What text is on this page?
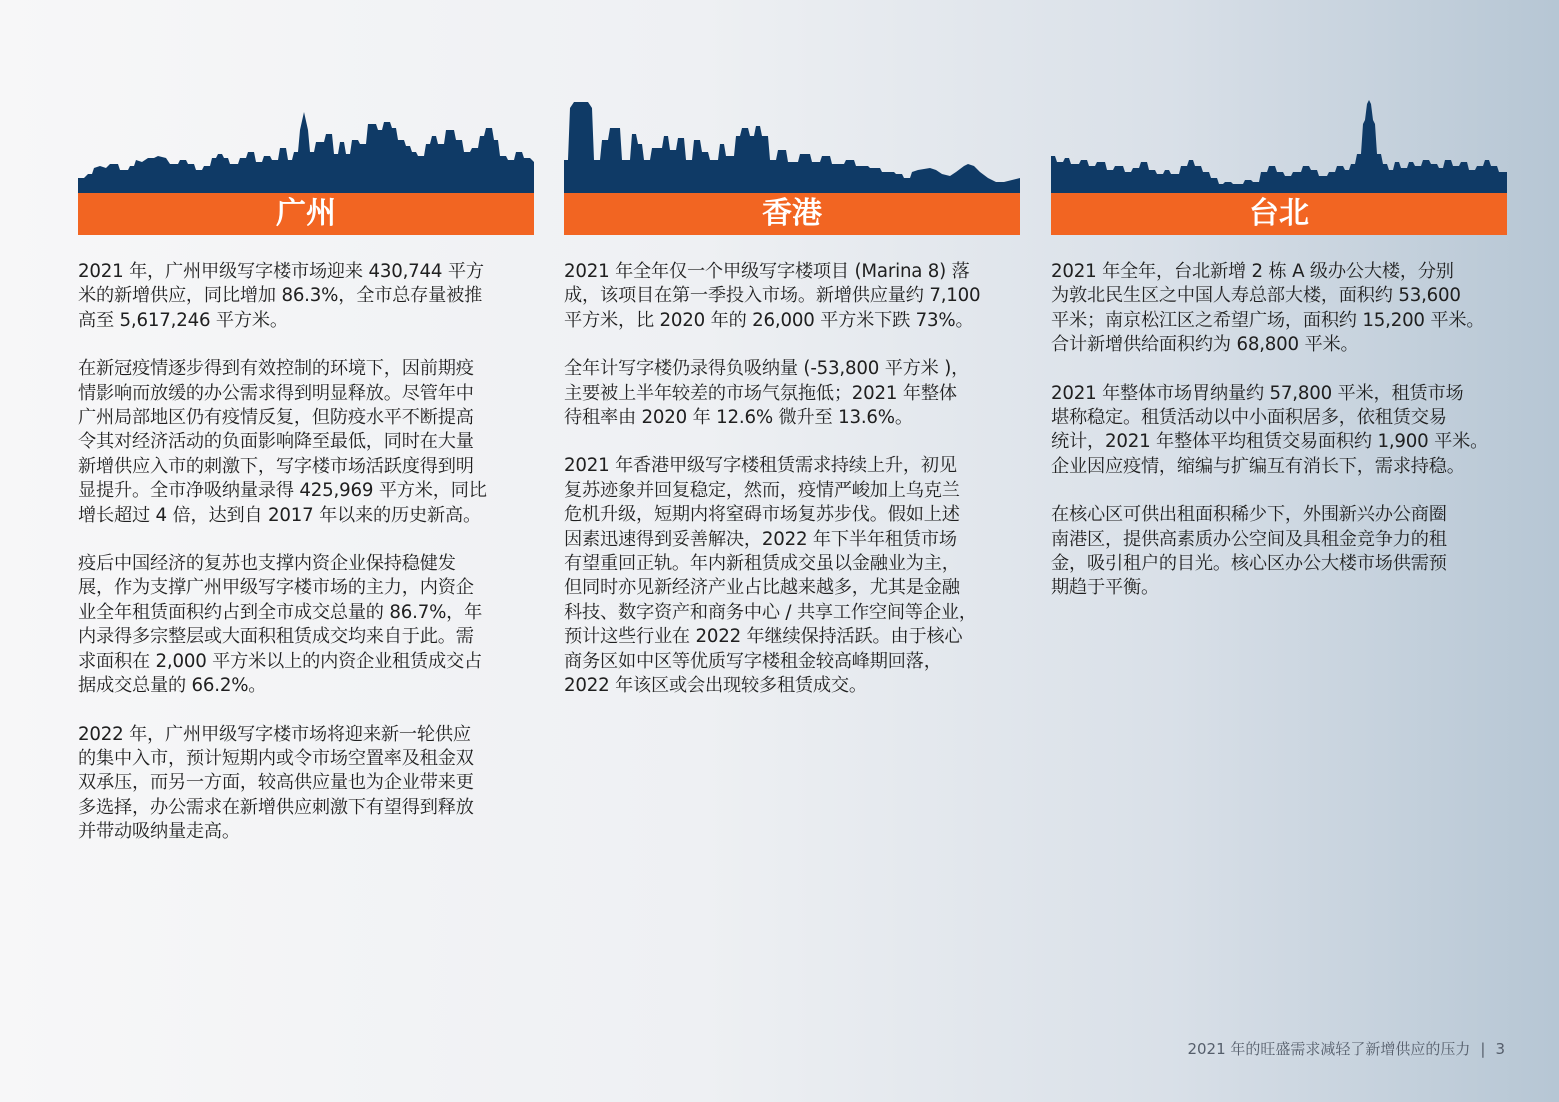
广州

2021 年，广州甲级写字楼市场迎来 430,744 平方
米的新增供应，同比增加 86.3%，全市总存量被推
高至 5,617,246 平方米。

在新冠疫情逐步得到有效控制的环境下，因前期疫
情影响而放缓的办公需求得到明显释放。尽管年中
广州局部地区仍有疫情反复，但防疫水平不断提高
令其对经济活动的负面影响降至最低，同时在大量
新增供应入市的刺激下，写字楼市场活跃度得到明
显提升。全市净吸纳量录得 425,969 平方米，同比
增长超过 4 倍，达到自 2017 年以来的历史新高。

疫后中国经济的复苏也支撑内资企业保持稳健发
展，作为支撑广州甲级写字楼市场的主力，内资企
业全年租赁面积约占到全市成交总量的 86.7%，年
内录得多宗整层或大面积租赁成交均来自于此。需
求面积在 2,000 平方米以上的内资企业租赁成交占
据成交总量的 66.2%。

2022 年，广州甲级写字楼市场将迎来新一轮供应
的集中入市，预计短期内或令市场空置率及租金双
双承压，而另一方面，较高供应量也为企业带来更
多选择，办公需求在新增供应刺激下有望得到释放
并带动吸纳量走高。

香港

2021 年全年仅一个甲级写字楼项目 (Marina 8) 落
成，该项目在第一季投入市场。新增供应量约 7,100
平方米，比 2020 年的 26,000 平方米下跌 73%。

全年计写字楼仍录得负吸纳量 (-53,800 平方米 )，
主要被上半年较差的市场气氛拖低；2021 年整体
待租率由 2020 年 12.6% 微升至 13.6%。

2021 年香港甲级写字楼租赁需求持续上升，初见
复苏迹象并回复稳定，然而，疫情严峻加上乌克兰
危机升级，短期内将窒碍市场复苏步伐。假如上述
因素迅速得到妥善解决，2022 年下半年租赁市场
有望重回正轨。年内新租赁成交虽以金融业为主，
但同时亦见新经济产业占比越来越多，尤其是金融
科技、数字资产和商务中心 / 共享工作空间等企业，
预计这些行业在 2022 年继续保持活跃。由于核心
商务区如中区等优质写字楼租金较高峰期回落，
2022 年该区或会出现较多租赁成交。

台北

2021 年全年，台北新增 2 栋 A 级办公大楼，分别
为敦北民生区之中国人寿总部大楼，面积约 53,600
平米；南京松江区之希望广场，面积约 15,200 平米。
合计新增供给面积约为 68,800 平米。

2021 年整体市场胃纳量约 57,800 平米，租赁市场
堪称稳定。租赁活动以中小面积居多，依租赁交易
统计，2021 年整体平均租赁交易面积约 1,900 平米。
企业因应疫情，缩编与扩编互有消长下，需求持稳。

在核心区可供出租面积稀少下，外围新兴办公商圈
南港区，提供高素质办公空间及具租金竞争力的租
金，吸引租户的目光。核心区办公大楼市场供需预
期趋于平衡。

2021 年的旺盛需求减轻了新增供应的压力 | 3
